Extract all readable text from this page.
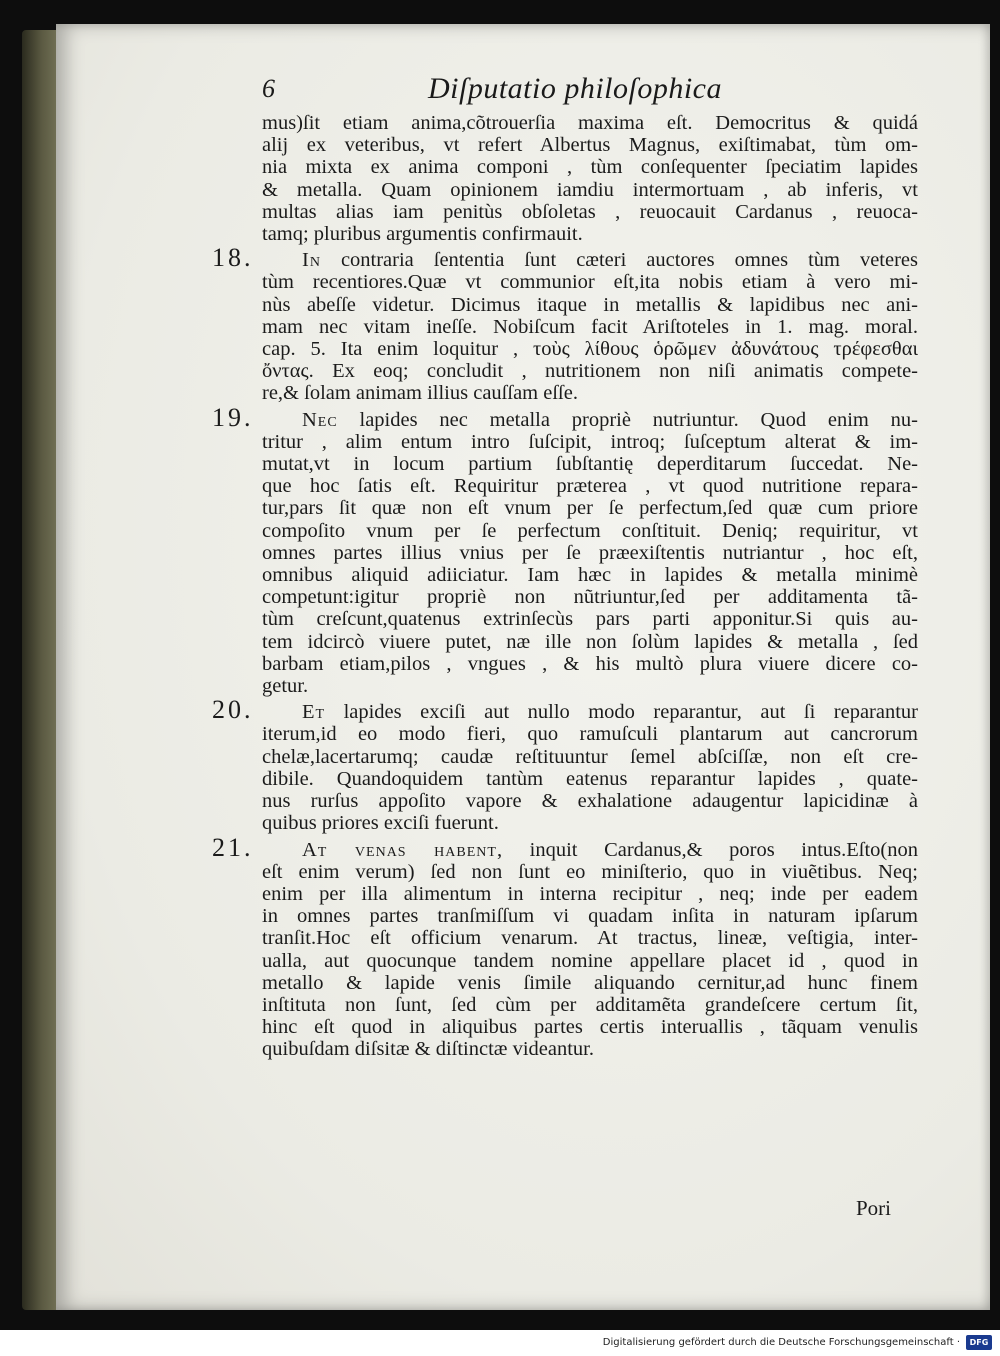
6	Diſputatio philoſophica
mus)ſit etiam anima,cõtrouerſia maxima eſt. Democritus & quidá
alij ex veteribus, vt refert Albertus Magnus, exiſtimabat, tùm om-
nia mixta ex anima componi , tùm conſequenter ſpeciatim lapides
& metalla. Quam opinionem iamdiu intermortuam , ab inferis, vt
multas alias iam penitùs obſoletas , reuocauit Cardanus , reuoca-
tamq; pluribus argumentis confirmauit.
18.	In contraria ſententia ſunt cæteri auctores omnes tùm veteres
tùm recentiores.Quæ vt communior eſt,ita nobis etiam à vero mi-
nùs abeſſe videtur. Dicimus itaque in metallis & lapidibus nec ani-
mam nec vitam ineſſe. Nobiſcum facit Ariſtoteles in 1. mag. moral.
cap. 5. Ita enim loquitur , τοὺς λίθους ὁρῶμεν ἀδυνάτους τρέφεσθαι
ὄντας. Ex eoq; concludit , nutritionem non niſi animatis compete-
re,& ſolam animam illius cauſſam eſſe.
19.	Nec lapides nec metalla propriè nutriuntur. Quod enim nu-
tritur , alim entum intro ſuſcipit, introq; ſuſceptum alterat & im-
mutat,vt in locum partium ſubſtantię deperditarum ſuccedat. Ne-
que hoc ſatis eſt. Requiritur præterea , vt quod nutritione repara-
tur,pars ſit quæ non eſt vnum per ſe perfectum,ſed quæ cum priore
compoſito vnum per ſe perfectum conſtituit. Deniq; requiritur, vt
omnes partes illius vnius per ſe præexiſtentis nutriantur , hoc eſt,
omnibus aliquid adiiciatur. Iam hæc in lapides & metalla minimè
competunt:igitur propriè non nũtriuntur,ſed per additamenta tã-
tùm creſcunt,quatenus extrinſecùs pars parti apponitur.Si quis au-
tem idcircò viuere putet, næ ille non ſolùm lapides & metalla , ſed
barbam etiam,pilos , vngues , & his multò plura viuere dicere co-
getur.
20.	Et lapides exciſi aut nullo modo reparantur, aut ſi reparantur
iterum,id eo modo fieri, quo ramuſculi plantarum aut cancrorum
chelæ,lacertarumq; caudæ reſtituuntur ſemel abſciſſæ, non eſt cre-
dibile. Quandoquidem tantùm eatenus reparantur lapides , quate-
nus rurſus appoſito vapore & exhalatione adaugentur lapicidinæ à
quibus priores exciſi fuerunt.
21.	At venas habent, inquit Cardanus,& poros intus.Eſto(non
eſt enim verum) ſed non ſunt eo miniſterio, quo in viuẽtibus. Neq;
enim per illa alimentum in interna recipitur , neq; inde per eadem
in omnes partes tranſmiſſum vi quadam inſita in naturam ipſarum
tranſit.Hoc eſt officium venarum. At tractus, lineæ, veſtigia, inter-
ualla, aut quocunque tandem nomine appellare placet id , quod in
metallo & lapide venis ſimile aliquando cernitur,ad hunc finem
inſtituta non ſunt, ſed cùm per additamẽta grandeſcere certum ſit,
hinc eſt quod in aliquibus partes certis interuallis , tãquam venulis
quibuſdam diſsitæ & diſtinctæ videantur.
Pori
Digitalisierung gefördert durch die Deutsche Forschungsgemeinschaft ·	DFG
